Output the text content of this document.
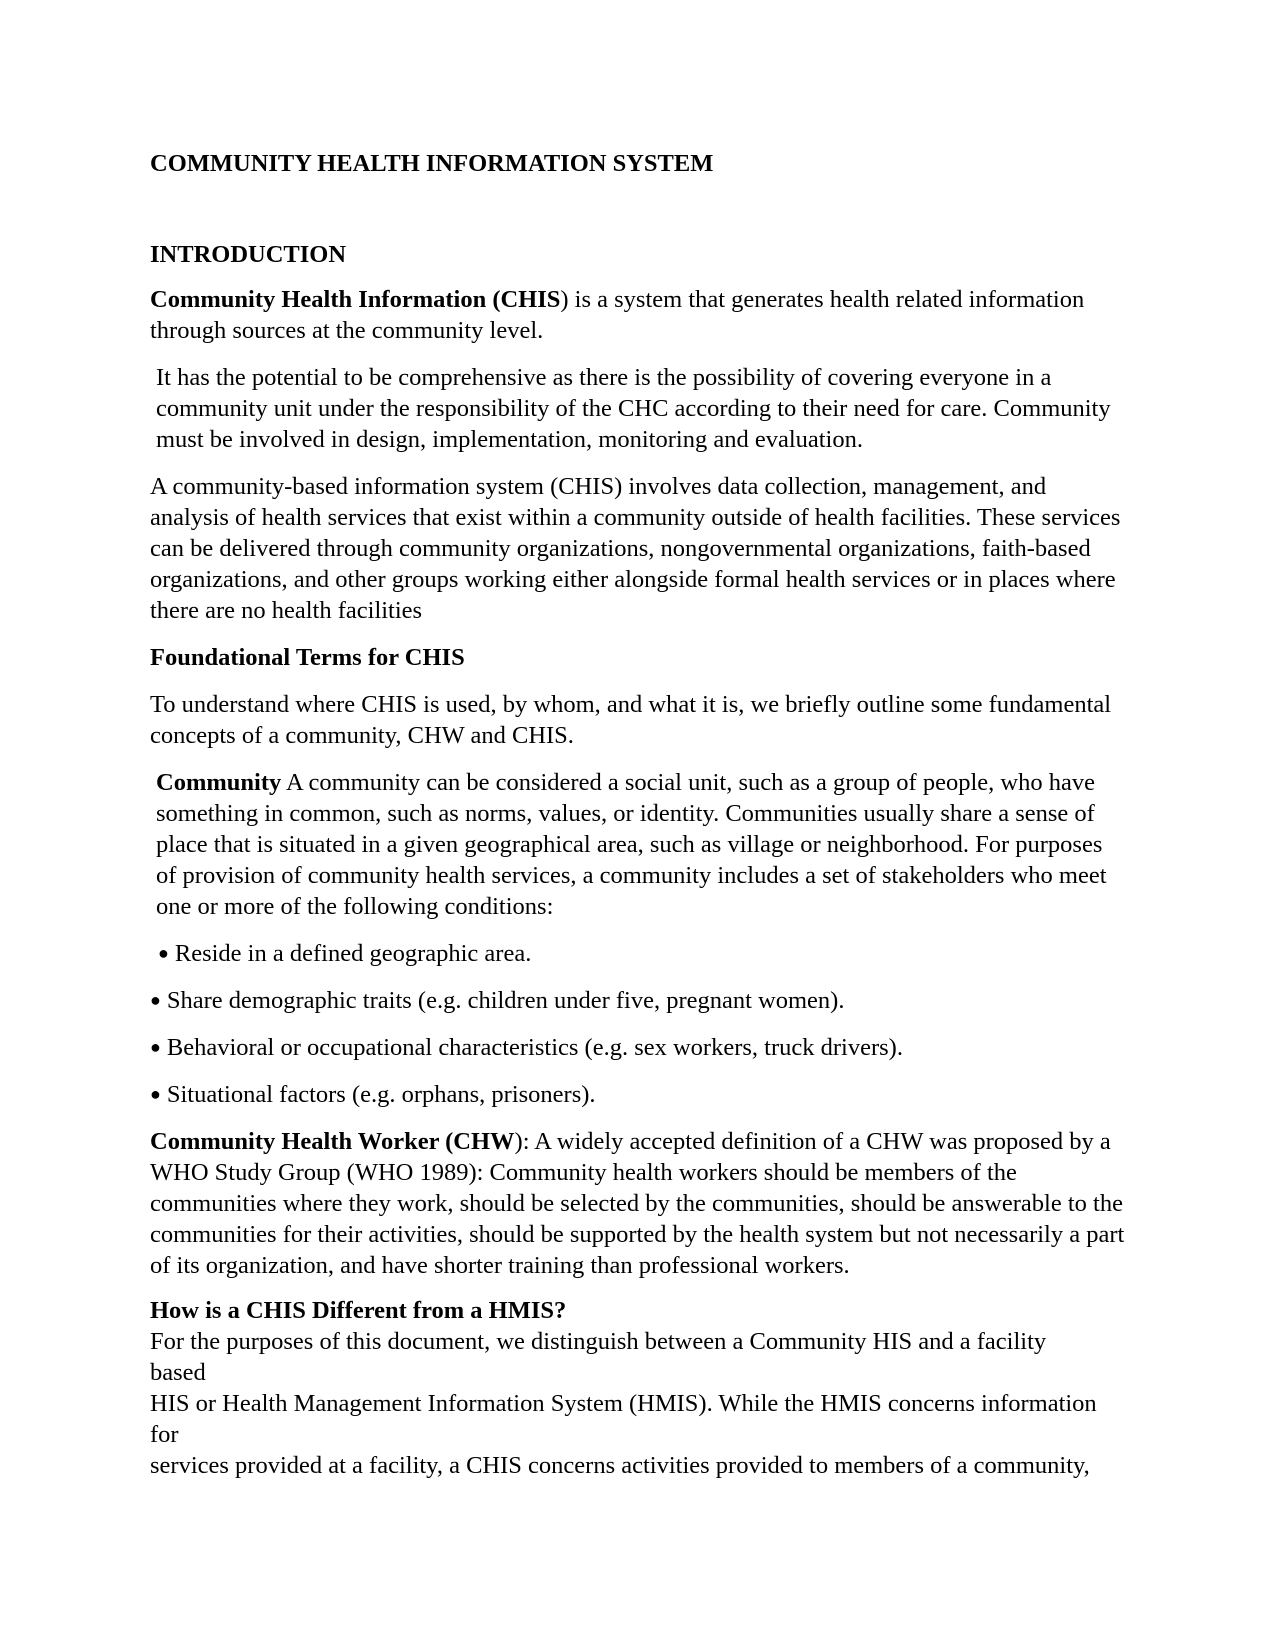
COMMUNITY HEALTH INFORMATION SYSTEM

INTRODUCTION

Community Health Information (CHIS) is a system that generates health related information through sources at the community level.

It has the potential to be comprehensive as there is the possibility of covering everyone in a community unit under the responsibility of the CHC according to their need for care. Community must be involved in design, implementation, monitoring and evaluation.

A community-based information system (CHIS) involves data collection, management, and analysis of health services that exist within a community outside of health facilities. These services can be delivered through community organizations, nongovernmental organizations, faith-based organizations, and other groups working either alongside formal health services or in places where there are no health facilities

Foundational Terms for CHIS

To understand where CHIS is used, by whom, and what it is, we briefly outline some fundamental concepts of a community, CHW and CHIS.

Community A community can be considered a social unit, such as a group of people, who have something in common, such as norms, values, or identity. Communities usually share a sense of place that is situated in a given geographical area, such as village or neighborhood. For purposes of provision of community health services, a community includes a set of stakeholders who meet one or more of the following conditions:

● Reside in a defined geographic area.

● Share demographic traits (e.g. children under five, pregnant women).

● Behavioral or occupational characteristics (e.g. sex workers, truck drivers).

● Situational factors (e.g. orphans, prisoners).

Community Health Worker (CHW): A widely accepted definition of a CHW was proposed by a WHO Study Group (WHO 1989): Community health workers should be members of the communities where they work, should be selected by the communities, should be answerable to the communities for their activities, should be supported by the health system but not necessarily a part of its organization, and have shorter training than professional workers.

How is a CHIS Different from a HMIS?

For the purposes of this document, we distinguish between a Community HIS and a facility

based

HIS or Health Management Information System (HMIS). While the HMIS concerns information

for

services provided at a facility, a CHIS concerns activities provided to members of a community,
